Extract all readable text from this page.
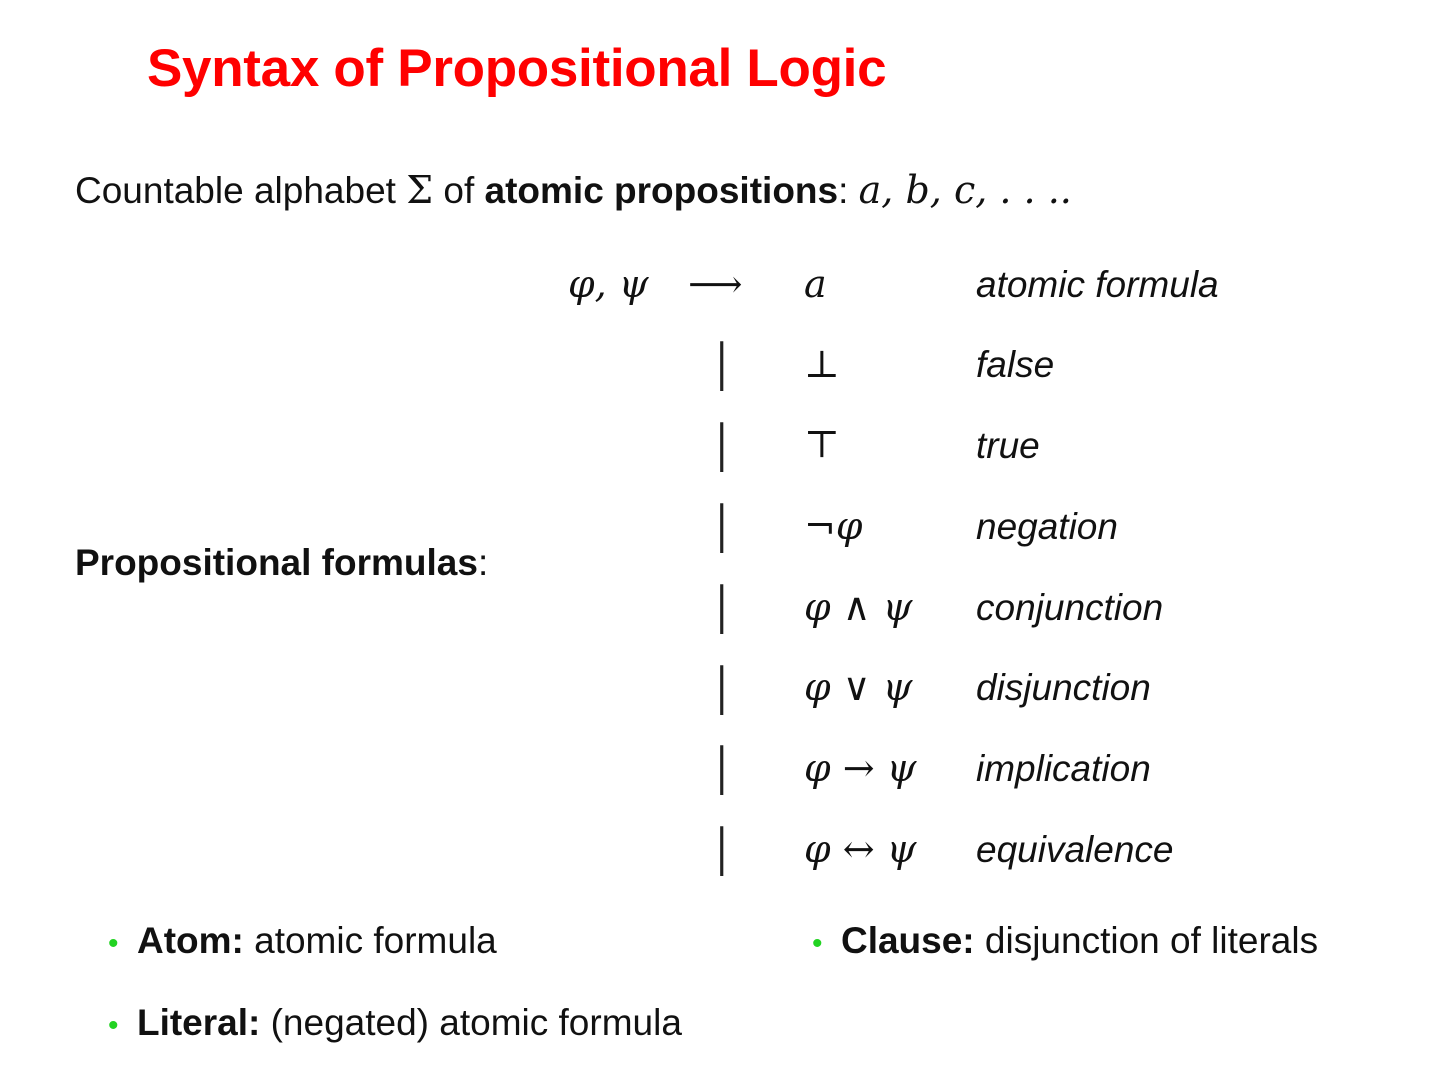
Syntax of Propositional Logic
Countable alphabet Σ of atomic propositions: a, b, c, . . ..
Propositional formulas:
φ, ψ ⟶ a	atomic formula
| ⊥	false
| ⊤	true
| ¬φ	negation
| φ ∧ ψ conjunction
| φ ∨ ψ disjunction
| φ → ψ implication
| φ ↔ ψ equivalence
• Atom: atomic formula
• Literal: (negated) atomic formula
• Clause: disjunction of literals
